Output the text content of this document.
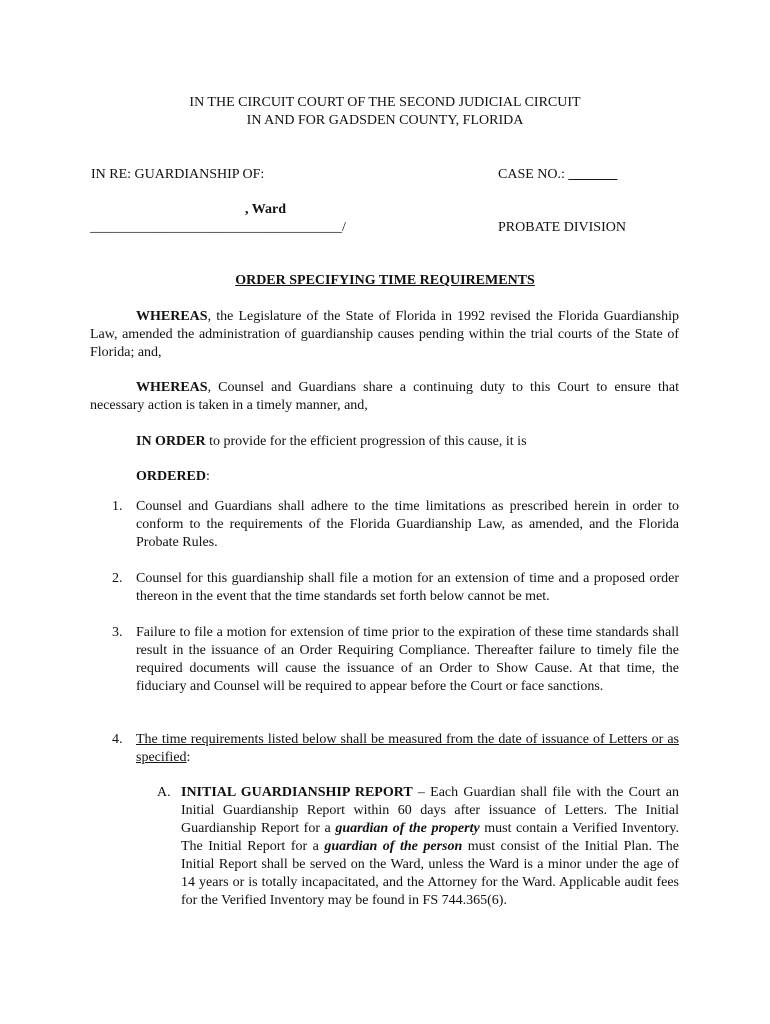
IN THE CIRCUIT COURT OF THE SECOND JUDICIAL CIRCUIT
IN AND FOR GADSDEN COUNTY, FLORIDA
IN RE: GUARDIANSHIP OF:	CASE NO.: _______
, Ward
____________________________________/	PROBATE DIVISION
ORDER SPECIFYING TIME REQUIREMENTS
WHEREAS, the Legislature of the State of Florida in 1992 revised the Florida Guardianship Law, amended the administration of guardianship causes pending within the trial courts of the State of Florida; and,
WHEREAS, Counsel and Guardians share a continuing duty to this Court to ensure that necessary action is taken in a timely manner, and,
IN ORDER to provide for the efficient progression of this cause, it is
ORDERED:
1. Counsel and Guardians shall adhere to the time limitations as prescribed herein in order to conform to the requirements of the Florida Guardianship Law, as amended, and the Florida Probate Rules.
2. Counsel for this guardianship shall file a motion for an extension of time and a proposed order thereon in the event that the time standards set forth below cannot be met.
3. Failure to file a motion for extension of time prior to the expiration of these time standards shall result in the issuance of an Order Requiring Compliance. Thereafter failure to timely file the required documents will cause the issuance of an Order to Show Cause. At that time, the fiduciary and Counsel will be required to appear before the Court or face sanctions.
4. The time requirements listed below shall be measured from the date of issuance of Letters or as specified:
A. INITIAL GUARDIANSHIP REPORT – Each Guardian shall file with the Court an Initial Guardianship Report within 60 days after issuance of Letters. The Initial Guardianship Report for a guardian of the property must contain a Verified Inventory. The Initial Report for a guardian of the person must consist of the Initial Plan. The Initial Report shall be served on the Ward, unless the Ward is a minor under the age of 14 years or is totally incapacitated, and the Attorney for the Ward. Applicable audit fees for the Verified Inventory may be found in FS 744.365(6).
